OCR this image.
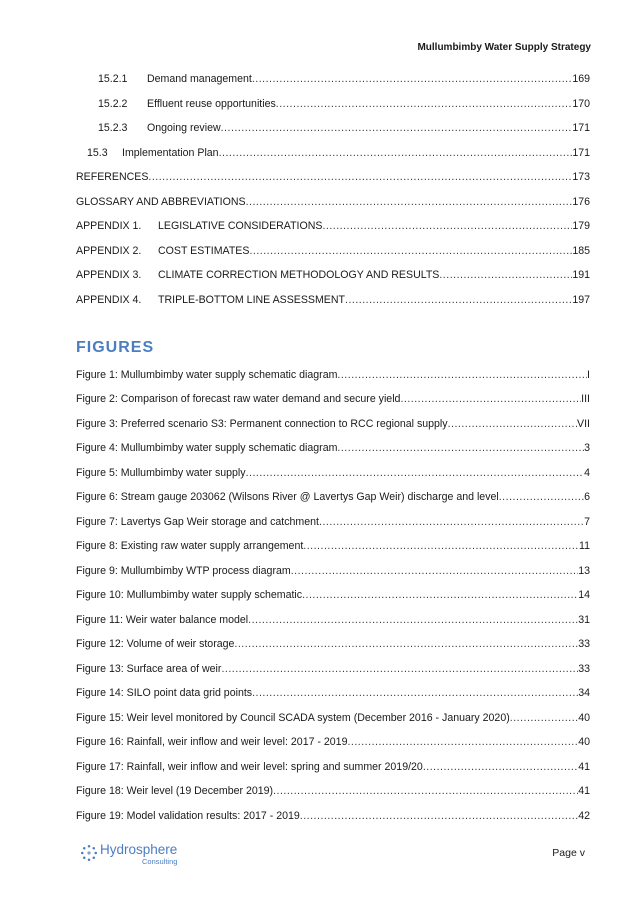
Mullumbimby Water Supply Strategy
15.2.1	Demand management .....	169
15.2.2	Effluent reuse opportunities .....	170
15.2.3	Ongoing review .....	171
15.3	Implementation Plan .....	171
REFERENCES .....	173
GLOSSARY AND ABBREVIATIONS .....	176
APPENDIX 1.	LEGISLATIVE CONSIDERATIONS .....	179
APPENDIX 2.	COST ESTIMATES .....	185
APPENDIX 3.	CLIMATE CORRECTION METHODOLOGY AND RESULTS .....	191
APPENDIX 4.	TRIPLE-BOTTOM LINE ASSESSMENT .....	197
FIGURES
Figure 1: Mullumbimby water supply schematic diagram .....	I
Figure 2: Comparison of forecast raw water demand and secure yield .....	III
Figure 3: Preferred scenario S3: Permanent connection to RCC regional supply .....	VII
Figure 4: Mullumbimby water supply schematic diagram .....	3
Figure 5: Mullumbimby water supply .....	4
Figure 6: Stream gauge 203062 (Wilsons River @ Lavertys Gap Weir) discharge and level .....	6
Figure 7: Lavertys Gap Weir storage and catchment .....	7
Figure 8: Existing raw water supply arrangement .....	11
Figure 9: Mullumbimby WTP process diagram .....	13
Figure 10: Mullumbimby water supply schematic .....	14
Figure 11: Weir water balance model .....	31
Figure 12: Volume of weir storage .....	33
Figure 13: Surface area of weir .....	33
Figure 14: SILO point data grid points .....	34
Figure 15: Weir level monitored by Council SCADA system (December 2016 - January 2020) .....	40
Figure 16: Rainfall, weir inflow and weir level: 2017 - 2019 .....	40
Figure 17: Rainfall, weir inflow and weir level: spring and summer 2019/20 .....	41
Figure 18: Weir level (19 December 2019) .....	41
Figure 19: Model validation results: 2017 - 2019 .....	42
Hydrosphere
Consulting
Page v
